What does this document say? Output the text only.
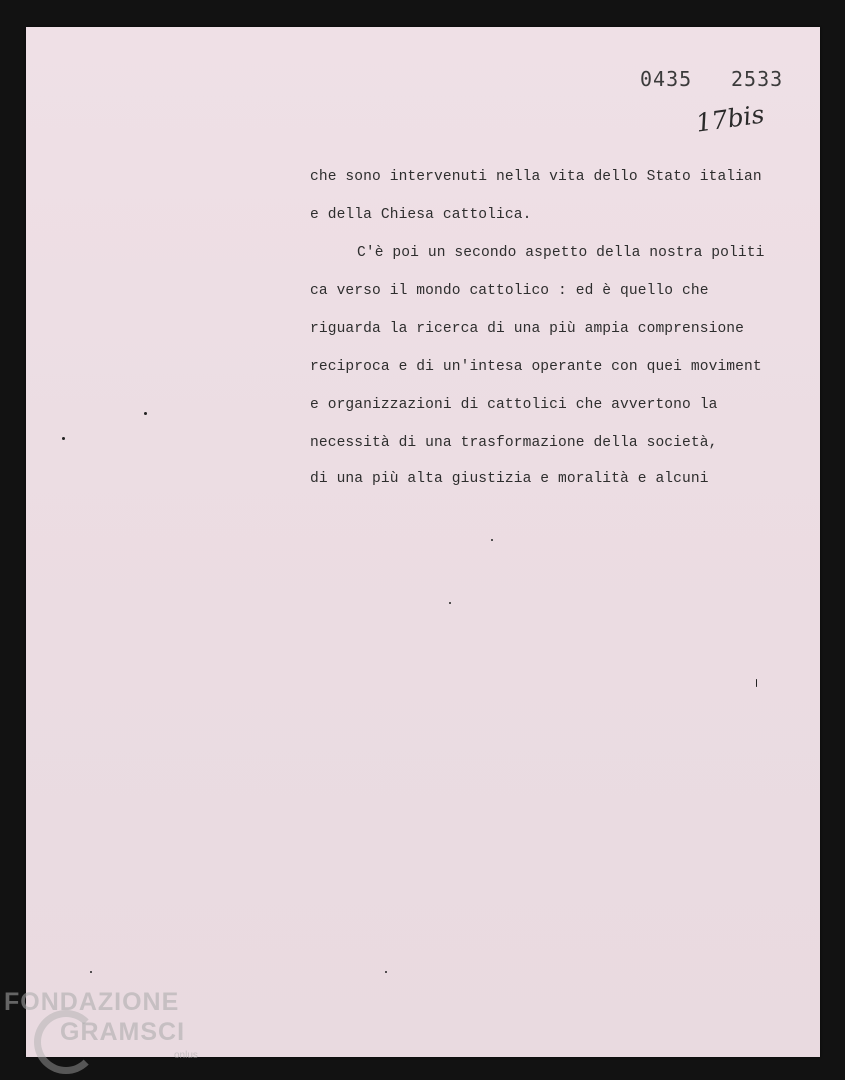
0435 2533
17bis
che sono intervenuti nella vita dello Stato italian
e della Chiesa cattolica.
C'è poi un secondo aspetto della nostra politi
ca verso il mondo cattolico : ed è quello che
riguarda la ricerca di una più ampia comprensione
reciproca e di un'intesa operante con quei moviment
e organizzazioni di cattolici che avvertono la
necessità di una trasformazione della società,
di una più alta giustizia e moralità e alcuni
FONDAZIONE
GRAMSCI
onlus
